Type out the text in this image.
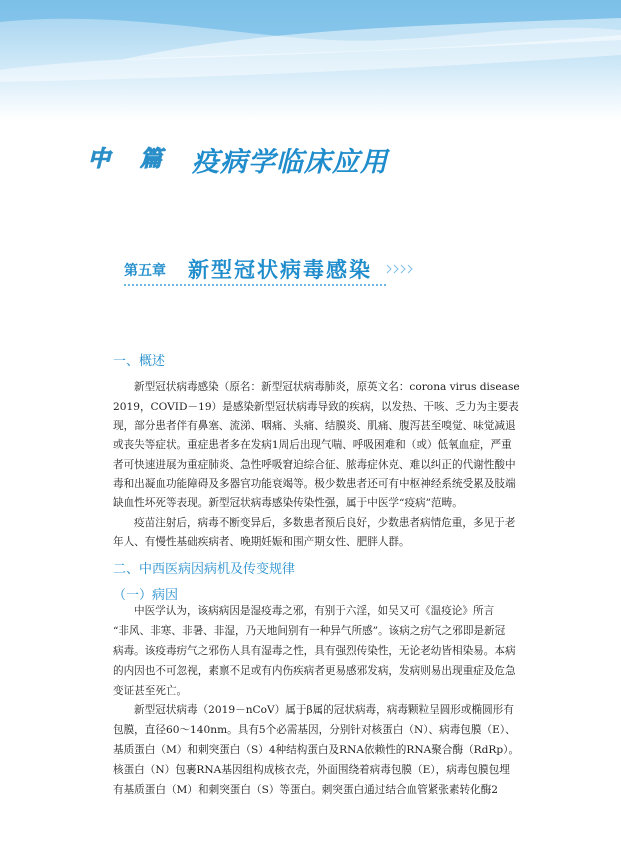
中 篇 疫病学临床应用
第五章 新型冠状病毒感染
一、概述
新型冠状病毒感染（原名：新型冠状病毒肺炎，原英文名：corona virus disease
2019，COVID－19）是感染新型冠状病毒导致的疾病，以发热、干咳、乏力为主要表
现，部分患者伴有鼻塞、流涕、咽痛、头痛、结膜炎、肌痛、腹泻甚至嗅觉、味觉减退
或丧失等症状。重症患者多在发病1周后出现气喘、呼吸困难和（或）低氧血症，严重
者可快速进展为重症肺炎、急性呼吸窘迫综合征、脓毒症休克、难以纠正的代谢性酸中
毒和出凝血功能障碍及多器官功能衰竭等。极少数患者还可有中枢神经系统受累及肢端
缺血性坏死等表现。新型冠状病毒感染传染性强，属于中医学“疫病”范畴。
疫苗注射后，病毒不断变异后，多数患者预后良好，少数患者病情危重，多见于老
年人、有慢性基础疾病者、晚期妊娠和围产期女性、肥胖人群。
二、中西医病因病机及传变规律
（一）病因
中医学认为，该病病因是湿疫毒之邪，有别于六淫，如吴又可《温疫论》所言
“非风、非寒、非暑、非湿，乃天地间别有一种异气所感”。该病之疠气之邪即是新冠
病毒。该疫毒疠气之邪伤人具有湿毒之性，具有强烈传染性，无论老幼皆相染易。本病
的内因也不可忽视，素禀不足或有内伤疾病者更易感邪发病，发病则易出现重症及危急
变证甚至死亡。
新型冠状病毒（2019－nCoV）属于β属的冠状病毒，病毒颗粒呈圆形或椭圆形有
包膜，直径60～140nm。具有5个必需基因，分别针对核蛋白（N）、病毒包膜（E）、
基质蛋白（M）和刺突蛋白（S）4种结构蛋白及RNA依赖性的RNA聚合酶（RdRp）。
核蛋白（N）包裹RNA基因组构成核衣壳，外面围绕着病毒包膜（E），病毒包膜包埋
有基质蛋白（M）和刺突蛋白（S）等蛋白。刺突蛋白通过结合血管紧张素转化酶2
